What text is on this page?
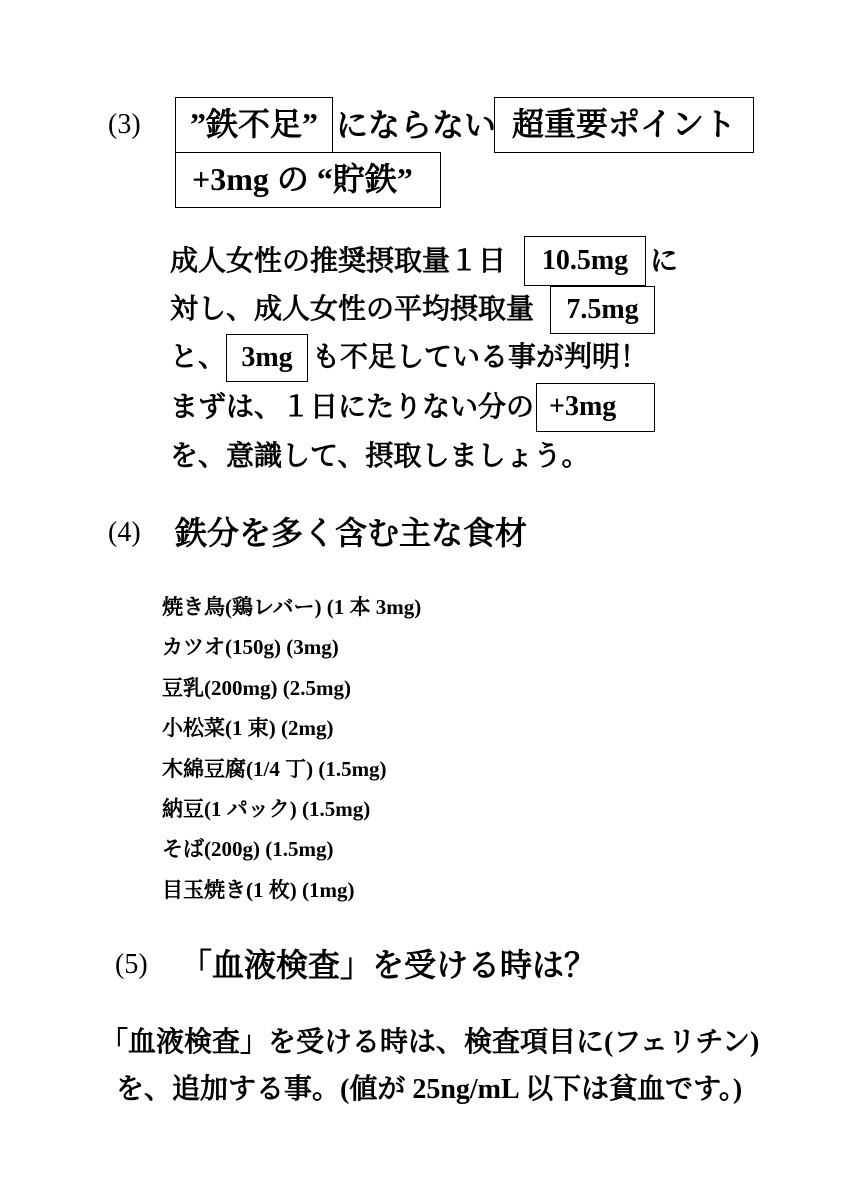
(3)	”鉄不足” にならない 超重要ポイント
+3mg の “貯鉄”
成人女性の推奨摂取量１日	10.5mg に
対し、成人女性の平均摂取量	7.5mg
と、 3mg も不足している事が判明！
まずは、１日にたりない分の +3mg
を、意識して、摂取しましょう。
(4) 鉄分を多く含む主な食材
焼き鳥(鶏レバー) (1 本 3mg)
カツオ(150g) (3mg)
豆乳(200mg) (2.5mg)
小松菜(1 束) (2mg)
木綿豆腐(1/4 丁) (1.5mg)
納豆(1 パック) (1.5mg)
そば(200g) (1.5mg)
目玉焼き(1 枚) (1mg)
(5) 「血液検査」を受ける時は？
「血液検査」を受ける時は、検査項目に(フェリチン)
を、追加する事。(値が 25ng/mL 以下は貧血です。)
